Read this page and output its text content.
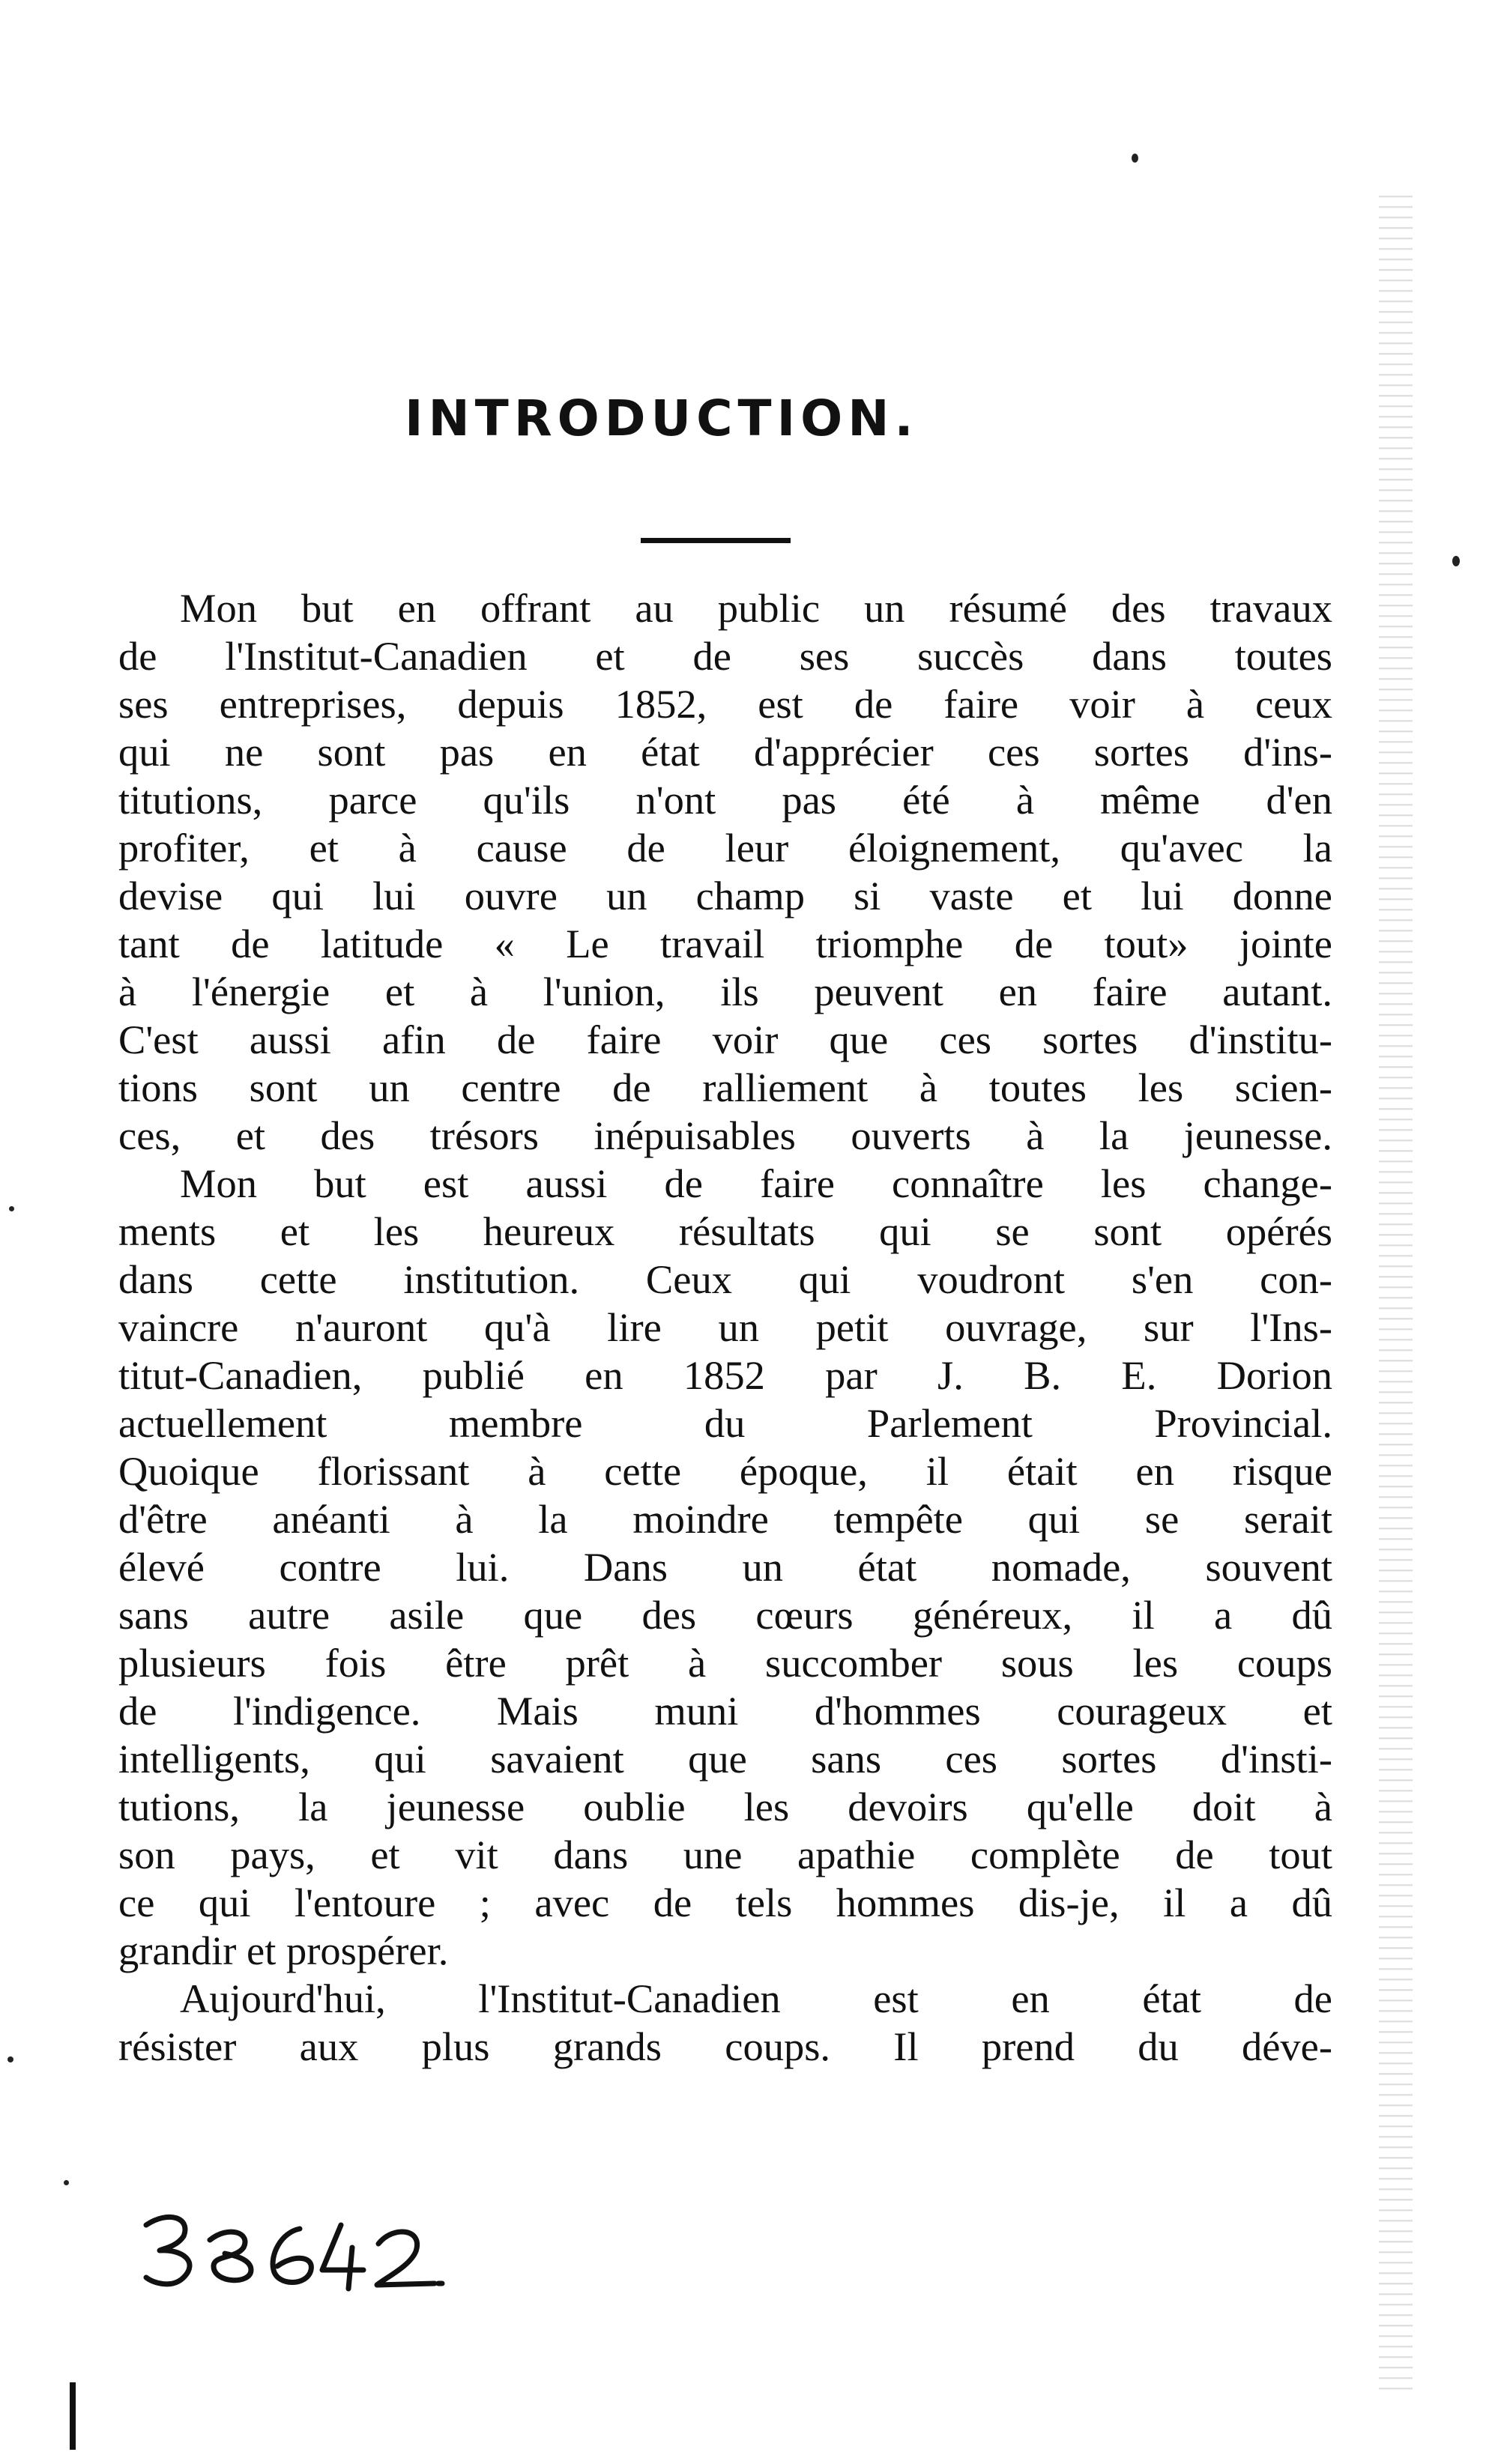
INTRODUCTION.

Mon but en offrant au public un résumé des travaux
de l'Institut-Canadien et de ses succès dans toutes
ses entreprises, depuis 1852, est de faire voir à ceux
qui ne sont pas en état d'apprécier ces sortes d'ins-
titutions, parce qu'ils n'ont pas été à même d'en
profiter, et à cause de leur éloignement, qu'avec la
devise qui lui ouvre un champ si vaste et lui donne
tant de latitude « Le travail triomphe de tout» jointe
à l'énergie et à l'union, ils peuvent en faire autant.
C'est aussi afin de faire voir que ces sortes d'institu-
tions sont un centre de ralliement à toutes les scien-
ces, et des trésors inépuisables ouverts à la jeunesse.

Mon but est aussi de faire connaître les change-
ments et les heureux résultats qui se sont opérés
dans cette institution. Ceux qui voudront s'en con-
vaincre n'auront qu'à lire un petit ouvrage, sur l'Ins-
titut-Canadien, publié en 1852 par J. B. E. Dorion
actuellement membre du Parlement Provincial.
Quoique florissant à cette époque, il était en risque
d'être anéanti à la moindre tempête qui se serait
élevé contre lui. Dans un état nomade, souvent
sans autre asile que des cœurs généreux, il a dû
plusieurs fois être prêt à succomber sous les coups
de l'indigence. Mais muni d'hommes courageux et
intelligents, qui savaient que sans ces sortes d'insti-
tutions, la jeunesse oublie les devoirs qu'elle doit à
son pays, et vit dans une apathie complète de tout
ce qui l'entoure ; avec de tels hommes dis-je, il a dû
grandir et prospérer.

Aujourd'hui, l'Institut-Canadien est en état de
résister aux plus grands coups. Il prend du déve-
